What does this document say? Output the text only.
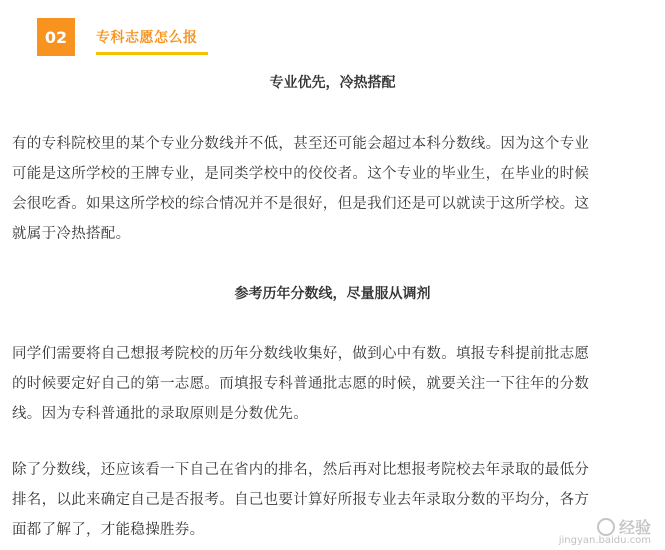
02	专科志愿怎么报
专业优先，冷热搭配
有的专科院校里的某个专业分数线并不低，甚至还可能会超过本科分数线。因为这个专业
可能是这所学校的王牌专业，是同类学校中的佼佼者。这个专业的毕业生，在毕业的时候
会很吃香。如果这所学校的综合情况并不是很好，但是我们还是可以就读于这所学校。这
就属于冷热搭配。
参考历年分数线，尽量服从调剂
同学们需要将自己想报考院校的历年分数线收集好，做到心中有数。填报专科提前批志愿
的时候要定好自己的第一志愿。而填报专科普通批志愿的时候，就要关注一下往年的分数
线。因为专科普通批的录取原则是分数优先。
除了分数线，还应该看一下自己在省内的排名，然后再对比想报考院校去年录取的最低分
排名，以此来确定自己是否报考。自己也要计算好所报专业去年录取分数的平均分，各方
面都了解了，才能稳操胜券。	经验
jingyan.baidu.com
